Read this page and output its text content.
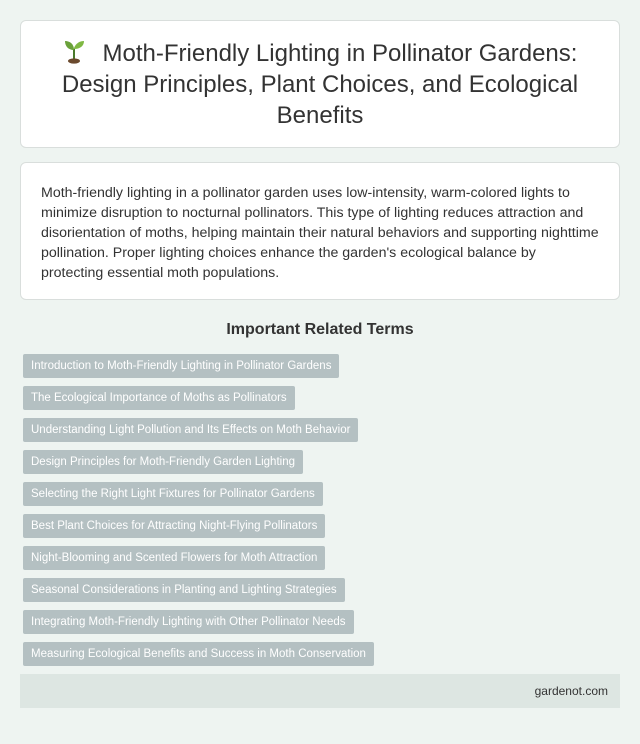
Moth-Friendly Lighting in Pollinator Gardens: Design Principles, Plant Choices, and Ecological Benefits

Moth-friendly lighting in a pollinator garden uses low-intensity, warm-colored lights to minimize disruption to nocturnal pollinators. This type of lighting reduces attraction and disorientation of moths, helping maintain their natural behaviors and supporting nighttime pollination. Proper lighting choices enhance the garden's ecological balance by protecting essential moth populations.

Important Related Terms
Introduction to Moth-Friendly Lighting in Pollinator Gardens
The Ecological Importance of Moths as Pollinators
Understanding Light Pollution and Its Effects on Moth Behavior
Design Principles for Moth-Friendly Garden Lighting
Selecting the Right Light Fixtures for Pollinator Gardens
Best Plant Choices for Attracting Night-Flying Pollinators
Night-Blooming and Scented Flowers for Moth Attraction
Seasonal Considerations in Planting and Lighting Strategies
Integrating Moth-Friendly Lighting with Other Pollinator Needs
Measuring Ecological Benefits and Success in Moth Conservation
gardenot.com
